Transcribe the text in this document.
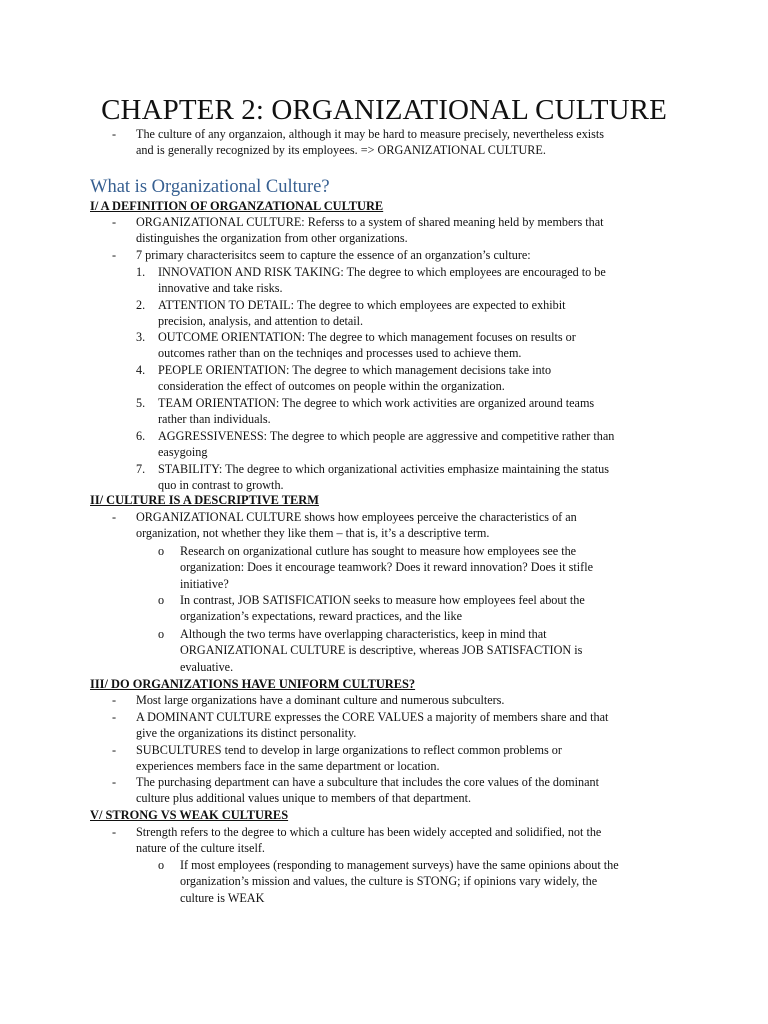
CHAPTER 2: ORGANIZATIONAL CULTURE
- The culture of any organzaion, although it may be hard to measure precisely, nevertheless exists
and is generally recognized by its employees. => ORGANIZATIONAL CULTURE.
What is Organizational Culture?
I/ A DEFINITION OF ORGANZATIONAL CULTURE
- ORGANIZATIONAL CULTURE: Referss to a system of shared meaning held by members that
distinguishes the organization from other organizations.
- 7 primary characterisitcs seem to capture the essence of an organzation’s culture:
1. INNOVATION AND RISK TAKING: The degree to which employees are encouraged to be
innovative and take risks.
2. ATTENTION TO DETAIL: The degree to which employees are expected to exhibit
precision, analysis, and attention to detail.
3. OUTCOME ORIENTATION: The degree to which management focuses on results or
outcomes rather than on the techniqes and processes used to achieve them.
4. PEOPLE ORIENTATION: The degree to which management decisions take into
consideration the effect of outcomes on people within the organization.
5. TEAM ORIENTATION: The degree to which work activities are organized around teams
rather than individuals.
6. AGGRESSIVENESS: The degree to which people are aggressive and competitive rather than
easygoing
7. STABILITY: The degree to which organizational activities emphasize maintaining the status
quo in contrast to growth.
II/ CULTURE IS A DESCRIPTIVE TERM
- ORGANIZATIONAL CULTURE shows how employees perceive the characteristics of an
organization, not whether they like them – that is, it’s a descriptive term.
o Research on organizational cutlure has sought to measure how employees see the
organization: Does it encourage teamwork? Does it reward innovation? Does it stifle
initiative?
o In contrast, JOB SATISFICATION seeks to measure how employees feel about the
organization’s expectations, reward practices, and the like
o Although the two terms have overlapping characteristics, keep in mind that
ORGANIZATIONAL CULTURE is descriptive, whereas JOB SATISFACTION is
evaluative.
III/ DO ORGANIZATIONS HAVE UNIFORM CULTURES?
- Most large organizations have a dominant culture and numerous subculters.
- A DOMINANT CULTURE expresses the CORE VALUES a majority of members share and that
give the organizations its distinct personality.
- SUBCULTURES tend to develop in large organizations to reflect common problems or
experiences members face in the same department or location.
- The purchasing department can have a subculture that includes the core values of the dominant
culture plus additional values unique to members of that department.
V/ STRONG VS WEAK CULTURES
- Strength refers to the degree to which a culture has been widely accepted and solidified, not the
nature of the culture itself.
o If most employees (responding to management surveys) have the same opinions about the
organization’s mission and values, the culture is STONG; if opinions vary widely, the
culture is WEAK
